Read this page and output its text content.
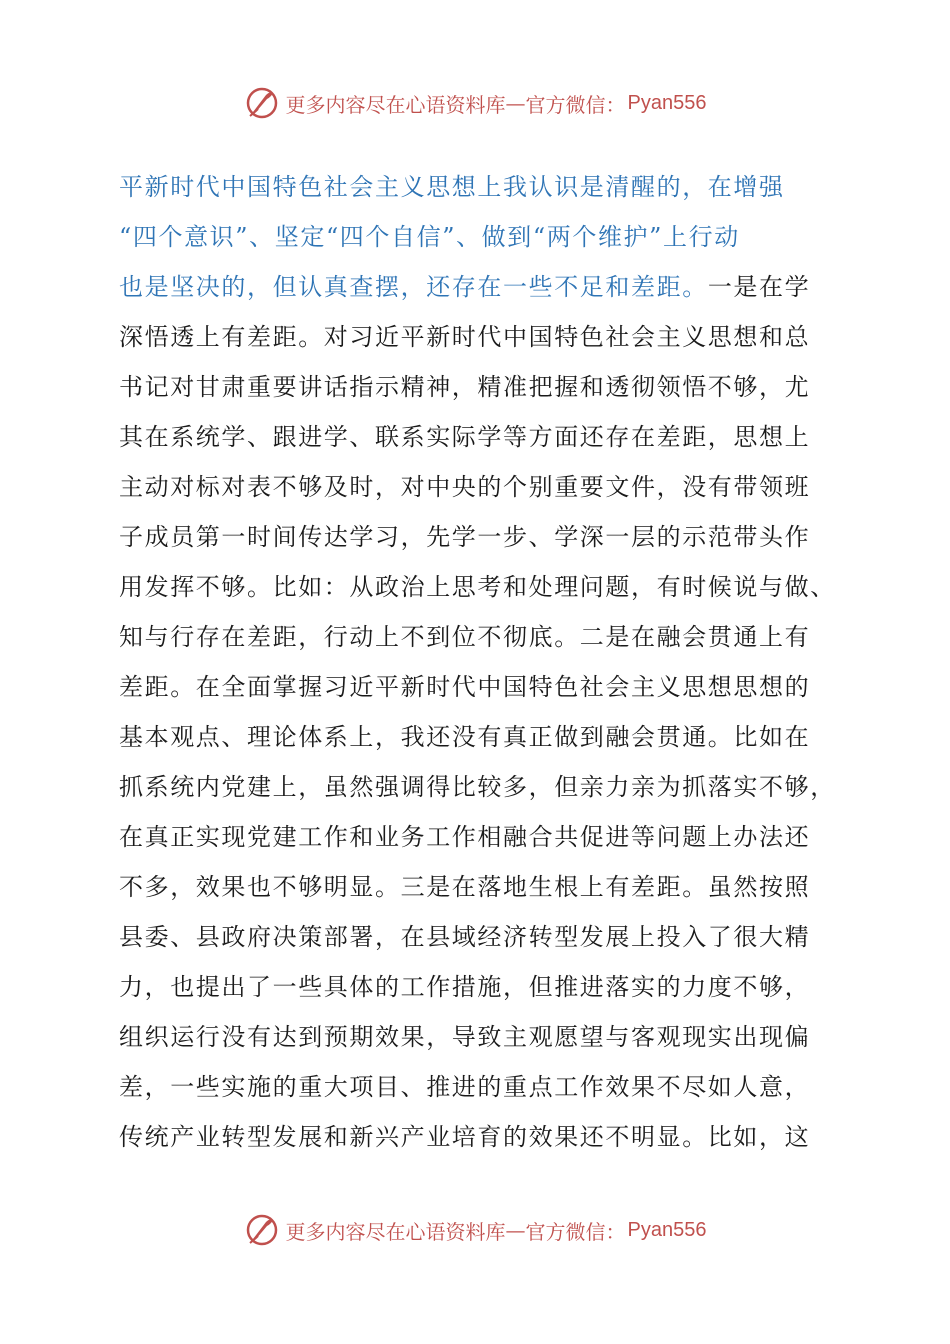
更多内容尽在心语资料库 — 官方微信： Pyan556
平新时代中国特色社会主义思想上我认识是清醒的，在增强
“四个意识”、坚定“四个自信”、做到“两个维护”上行动
也是坚决的，但认真查摆，还存在一些不足和差距。一是在学
深悟透上有差距。对习近平新时代中国特色社会主义思想和总
书记对甘肃重要讲话指示精神，精准把握和透彻领悟不够，尤
其在系统学、跟进学、联系实际学等方面还存在差距，思想上
主动对标对表不够及时，对中央的个别重要文件，没有带领班
子成员第一时间传达学习，先学一步、学深一层的示范带头作
用发挥不够。比如：从政治上思考和处理问题，有时候说与做、
知与行存在差距，行动上不到位不彻底。二是在融会贯通上有
差距。在全面掌握习近平新时代中国特色社会主义思想思想的
基本观点、理论体系上，我还没有真正做到融会贯通。比如在
抓系统内党建上，虽然强调得比较多，但亲力亲为抓落实不够，
在真正实现党建工作和业务工作相融合共促进等问题上办法还
不多，效果也不够明显。三是在落地生根上有差距。虽然按照
县委、县政府决策部署，在县域经济转型发展上投入了很大精
力，也提出了一些具体的工作措施，但推进落实的力度不够，
组织运行没有达到预期效果，导致主观愿望与客观现实出现偏
差，一些实施的重大项目、推进的重点工作效果不尽如人意，
传统产业转型发展和新兴产业培育的效果还不明显。比如，这
更多内容尽在心语资料库 — 官方微信： Pyan556
